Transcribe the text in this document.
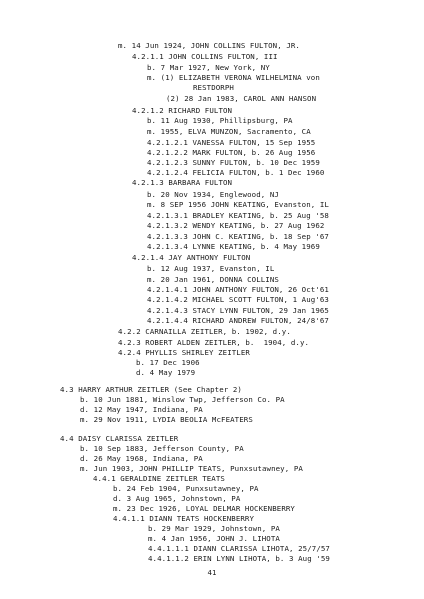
m. 14 Jun 1924, JOHN COLLINS FULTON, JR.
4.2.1.1 JOHN COLLINS FULTON, III
b. 7 Mar 1927, New York, NY
m. (1) ELIZABETH VERONA WILHELMINA von
RESTDORPH
(2) 28 Jan 1983, CAROL ANN HANSON
4.2.1.2 RICHARD FULTON
b. 11 Aug 1930, Phillipsburg, PA
m. 1955, ELVA MUNZON, Sacramento, CA
4.2.1.2.1 VANESSA FULTON, 15 Sep 1955
4.2.1.2.2 MARK FULTON, b. 26 Aug 1956
4.2.1.2.3 SUNNY FULTON, b. 10 Dec 1959
4.2.1.2.4 FELICIA FULTON, b. 1 Dec 1960
4.2.1.3 BARBARA FULTON
b. 20 Nov 1934, Englewood, NJ
m. 8 SEP 1956 JOHN KEATING, Evanston, IL
4.2.1.3.1 BRADLEY KEATING, b. 25 Aug '58
4.2.1.3.2 WENDY KEATING, b. 27 Aug 1962
4.2.1.3.3 JOHN C. KEATING, b. 18 Sep '67
4.2.1.3.4 LYNNE KEATING, b. 4 May 1969
4.2.1.4 JAY ANTHONY FULTON
b. 12 Aug 1937, Evanston, IL
m. 20 Jan 1961, DONNA COLLINS
4.2.1.4.1 JOHN ANTHONY FULTON, 26 Oct'61
4.2.1.4.2 MICHAEL SCOTT FULTON, 1 Aug'63
4.2.1.4.3 STACY LYNN FULTON, 29 Jan 1965
4.2.1.4.4 RICHARD ANDREW FULTON, 24/8'67
4.2.2 CARNAILLA ZEITLER, b. 1902, d.y.
4.2.3 ROBERT ALDEN ZEITLER, b.  1904, d.y.
4.2.4 PHYLLIS SHIRLEY ZEITLER
b. 17 Dec 1906
d. 4 May 1979
4.3 HARRY ARTHUR ZEITLER (See Chapter 2)
b. 10 Jun 1881, Winslow Twp, Jefferson Co. PA
d. 12 May 1947, Indiana, PA
m. 29 Nov 1911, LYDIA BEOLIA McFEATERS
4.4 DAISY CLARISSA ZEITLER
b. 10 Sep 1883, Jefferson County, PA
d. 26 May 1968, Indiana, PA
m. Jun 1903, JOHN PHILLIP TEATS, Punxsutawney, PA
4.4.1 GERALDINE ZEITLER TEATS
b. 24 Feb 1904, Punxsutawney, PA
d. 3 Aug 1965, Johnstown, PA
m. 23 Dec 1926, LOYAL DELMAR HOCKENBERRY
4.4.1.1 DIANN TEATS HOCKENBERRY
b. 29 Mar 1929, Johnstown, PA
m. 4 Jan 1956, JOHN J. LIHOTA
4.4.1.1.1 DIANN CLARISSA LIHOTA, 25/7/57
4.4.1.1.2 ERIN LYNN LIHOTA, b. 3 Aug '59
41
